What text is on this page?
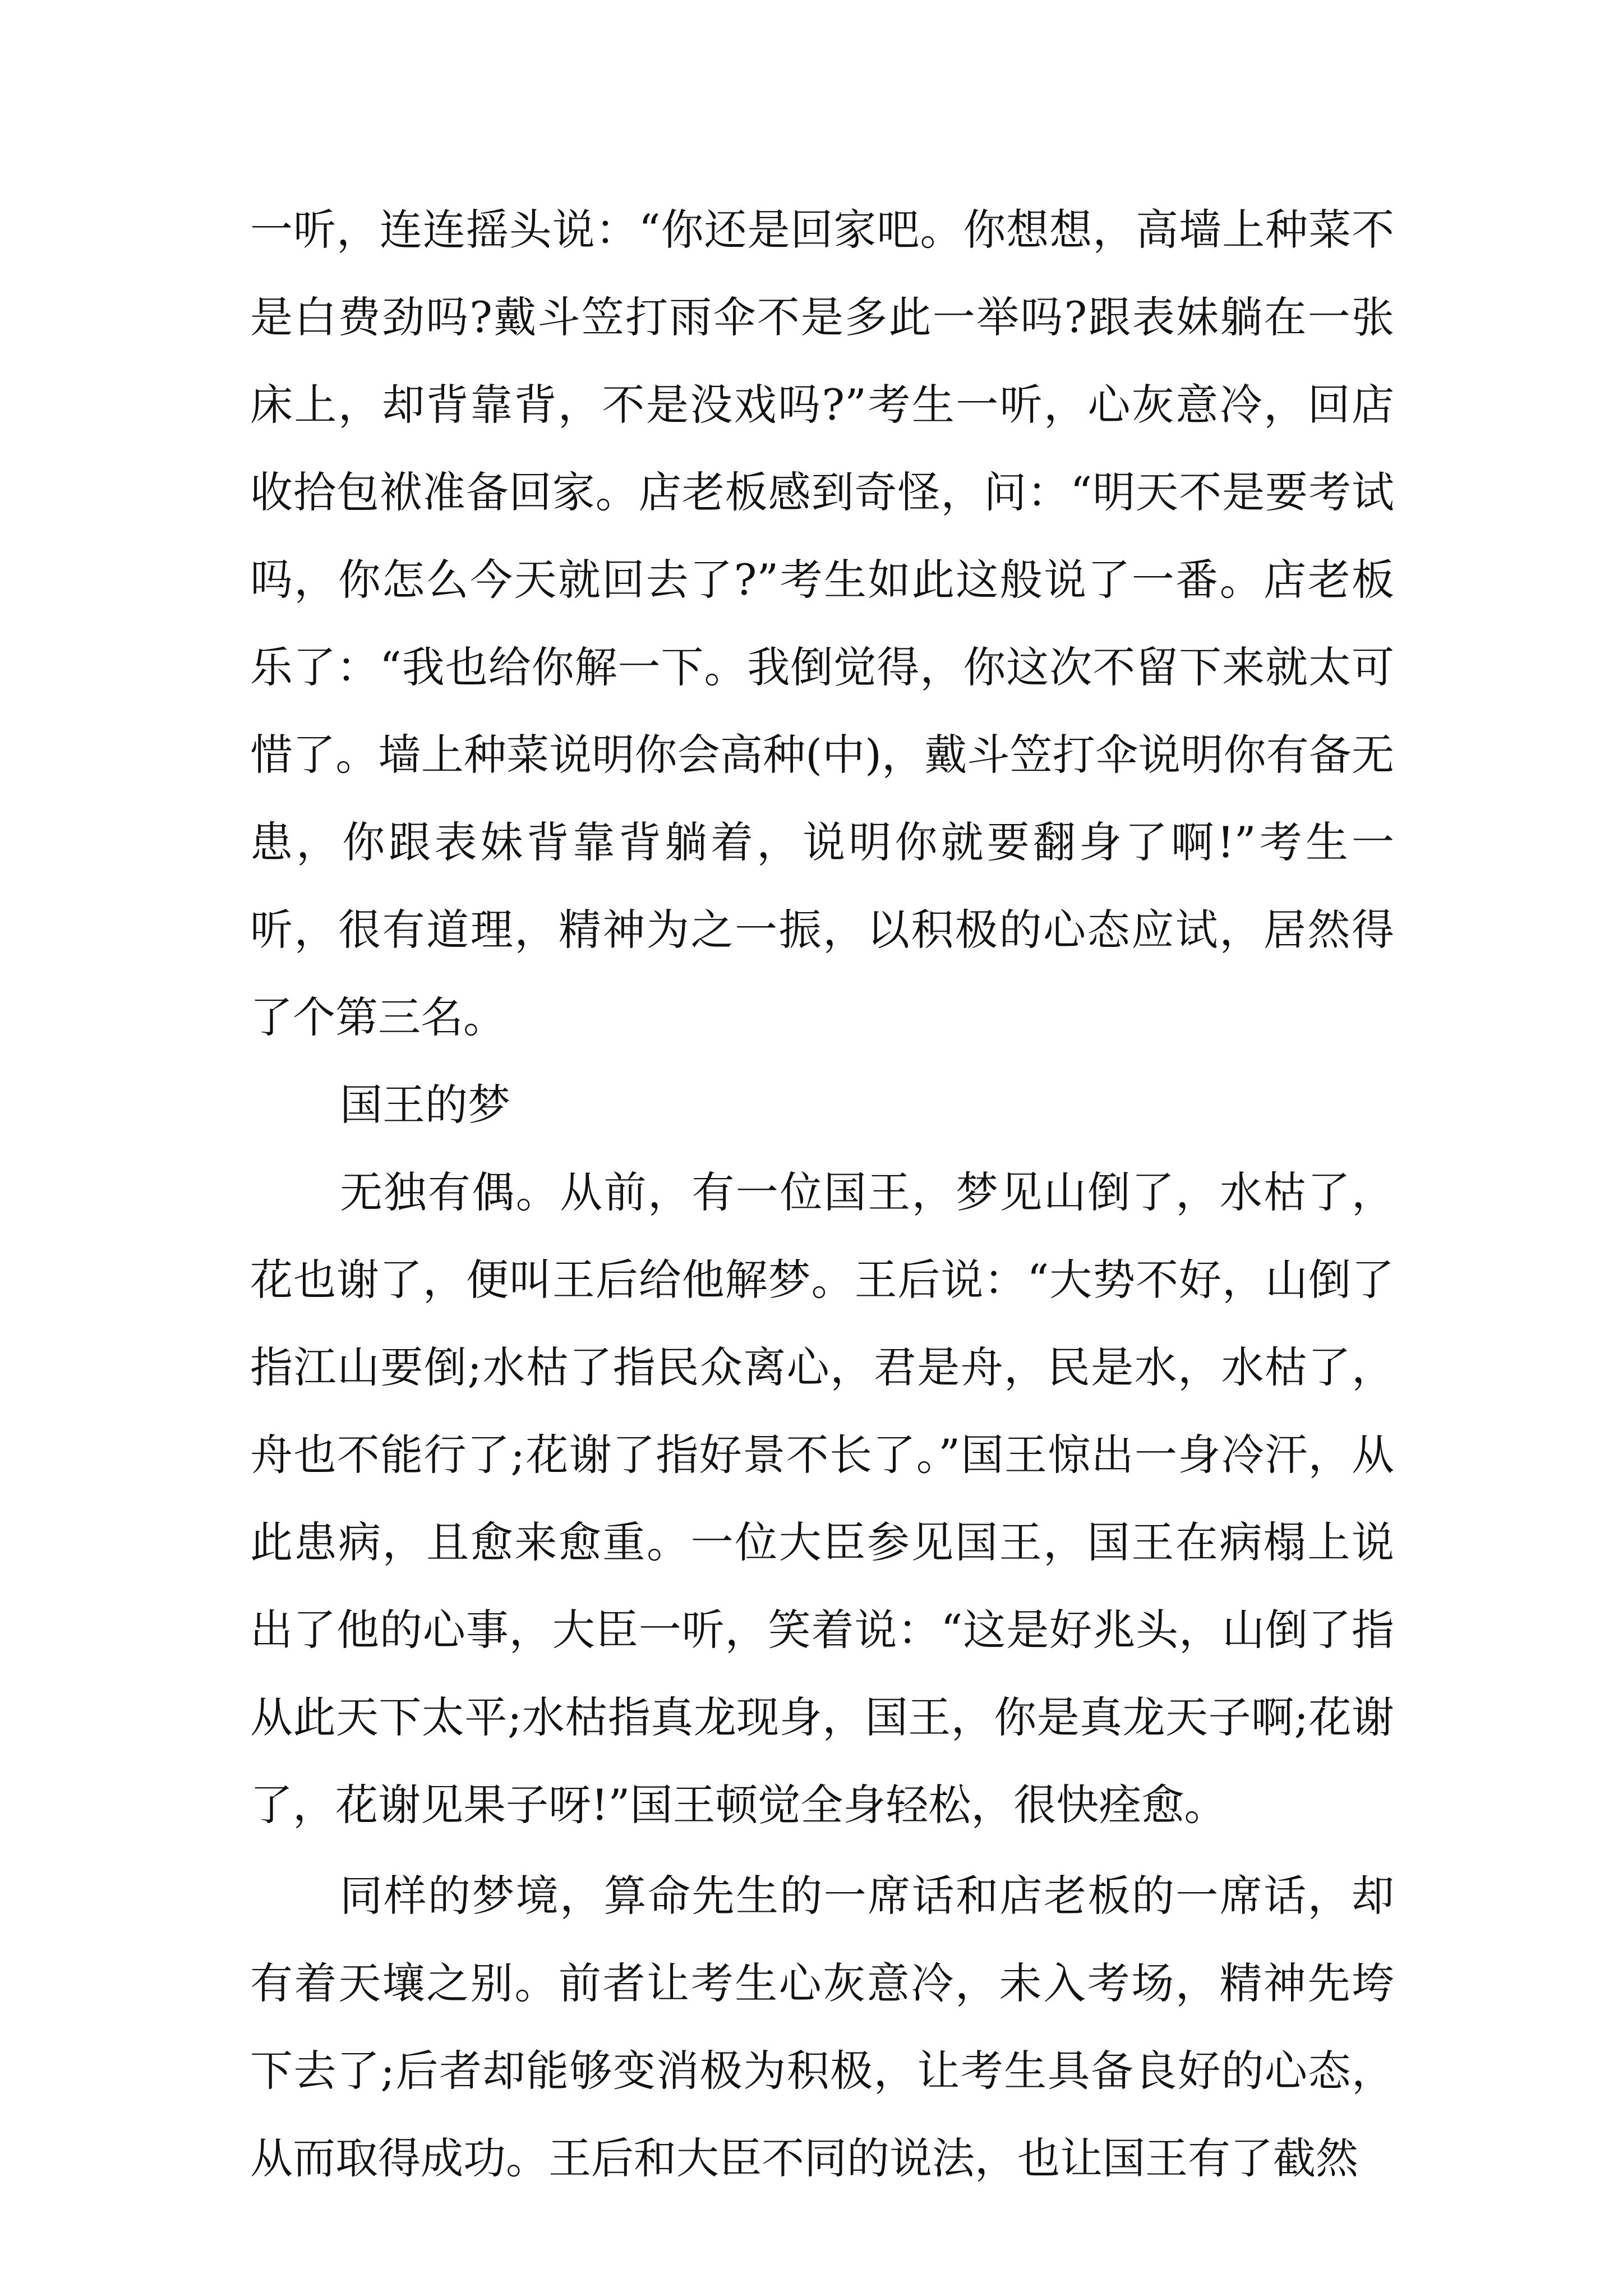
一听，连连摇头说：“你还是回家吧。你想想，高墙上种菜不是白费劲吗?戴斗笠打雨伞不是多此一举吗?跟表妹躺在一张床上，却背靠背，不是没戏吗?”考生一听，心灰意冷，回店收拾包袱准备回家。店老板感到奇怪，问：“明天不是要考试吗，你怎么今天就回去了?”考生如此这般说了一番。店老板乐了：“我也给你解一下。我倒觉得，你这次不留下来就太可惜了。墙上种菜说明你会高种(中)，戴斗笠打伞说明你有备无患，你跟表妹背靠背躺着，说明你就要翻身了啊!”考生一听，很有道理，精神为之一振，以积极的心态应试，居然得了个第三名。

国王的梦

无独有偶。从前，有一位国王，梦见山倒了，水枯了，花也谢了，便叫王后给他解梦。王后说：“大势不好，山倒了指江山要倒;水枯了指民众离心，君是舟，民是水，水枯了，舟也不能行了;花谢了指好景不长了。”国王惊出一身冷汗，从此患病，且愈来愈重。一位大臣参见国王，国王在病榻上说出了他的心事，大臣一听，笑着说：“这是好兆头，山倒了指从此天下太平;水枯指真龙现身，国王，你是真龙天子啊;花谢了，花谢见果子呀!”国王顿觉全身轻松，很快痊愈。

同样的梦境，算命先生的一席话和店老板的一席话，却有着天壤之别。前者让考生心灰意冷，未入考场，精神先垮下去了;后者却能够变消极为积极，让考生具备良好的心态，从而取得成功。王后和大臣不同的说法，也让国王有了截然
